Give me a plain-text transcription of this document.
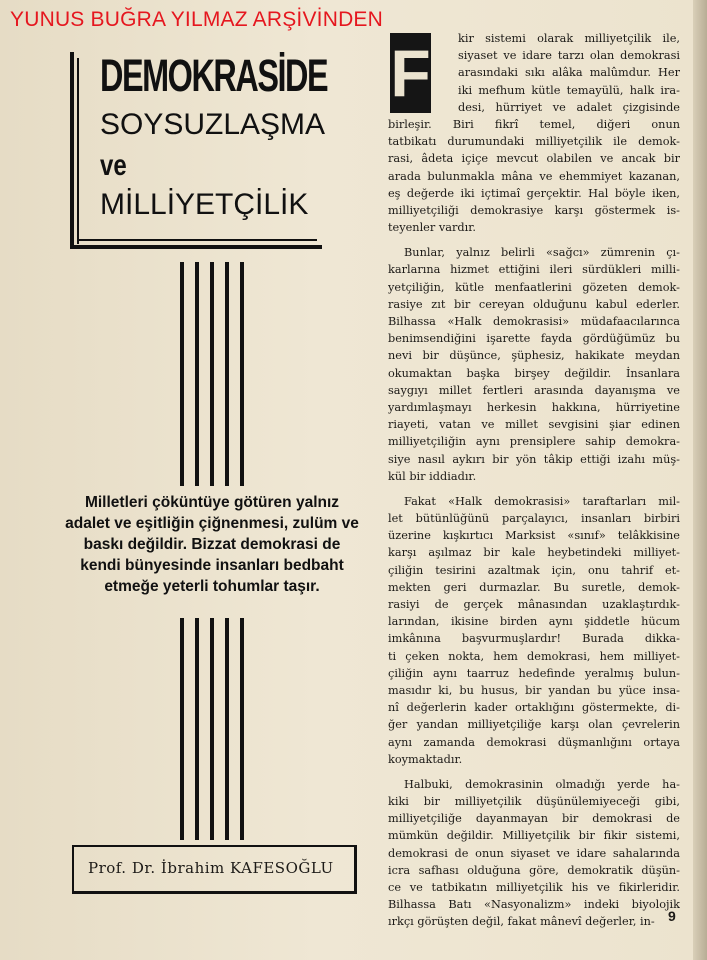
YUNUS BUĞRA YILMAZ ARŞİVİNDEN
DEMOKRASİDE
SOYSUZLAŞMA
ve
MİLLİYETÇİLİK
Milletleri çöküntüye götüren yalnız adalet ve eşitliğin çiğnenmesi, zulüm ve baskı değildir. Bizzat demokrasi de kendi bünyesinde insanları bedbaht etmeğe yeterli tohumlar taşır.
Prof. Dr. İbrahim KAFESOĞLU
F kir sistemi olarak milliyetçilik ile,
siyaset ve idare tarzı olan demokrasi
arasındaki sıkı alâka malûmdur. Her
iki mefhum kütle temayülü, halk ira-
desi, hürriyet ve adalet çizgisinde
birleşir. Biri fikrî temel, diğeri onun
tatbikatı durumundaki milliyetçilik ile demok-
rasi, âdeta içiçe mevcut olabilen ve ancak bir
arada bulunmakla mâna ve ehemmiyet kazanan,
eş değerde iki içtimaî gerçektir. Hal böyle iken,
milliyetçiliği demokrasiye karşı göstermek is-
teyenler vardır.
Bunlar, yalnız belirli «sağcı» zümrenin çı-
karlarına hizmet ettiğini ileri sürdükleri milli-
yetçiliğin, kütle menfaatlerini gözeten demok-
rasiye zıt bir cereyan olduğunu kabul ederler.
Bilhassa «Halk demokrasisi» müdafaacılarınca
benimsendiğini işarette fayda gördüğümüz bu
nevi bir düşünce, şüphesiz, hakikate meydan
okumaktan başka birşey değildir. İnsanlara
saygıyı millet fertleri arasında dayanışma ve
yardımlaşmayı herkesin hakkına, hürriyetine
riayeti, vatan ve millet sevgisini şiar edinen
milliyetçiliğin aynı prensiplere sahip demokra-
siye nasıl aykırı bir yön tâkip ettiği izahı müş-
kül bir iddiadır.
Fakat «Halk demokrasisi» taraftarları mil-
let bütünlüğünü parçalayıcı, insanları birbiri
üzerine kışkırtıcı Marksist «sınıf» telâkkisine
karşı aşılmaz bir kale heybetindeki milliyet-
çiliğin tesirini azaltmak için, onu tahrif et-
mekten geri durmazlar. Bu suretle, demok-
rasiyi de gerçek mânasından uzaklaştırdık-
larından, ikisine birden aynı şiddetle hücum
imkânına başvurmuşlardır! Burada dikka-
ti çeken nokta, hem demokrasi, hem milliyet-
çiliğin aynı taarruz hedefinde yeralmış bulun-
masıdır ki, bu husus, bir yandan bu yüce insa-
nî değerlerin kader ortaklığını göstermekte, di-
ğer yandan milliyetçiliğe karşı olan çevrelerin
aynı zamanda demokrasi düşmanlığını ortaya
koymaktadır.
Halbuki, demokrasinin olmadığı yerde ha-
kiki bir milliyetçilik düşünülemiyeceği gibi,
milliyetçiliğe dayanmayan bir demokrasi de
mümkün değildir. Milliyetçilik bir fikir sistemi,
demokrasi de onun siyaset ve idare sahalarında
icra safhası olduğuna göre, demokratik düşün-
ce ve tatbikatın milliyetçilik his ve fikirleridir.
Bilhassa Batı «Nasyonalizm» indeki biyolojik
ırkçı görüşten değil, fakat mânevî değerler, in- 9
